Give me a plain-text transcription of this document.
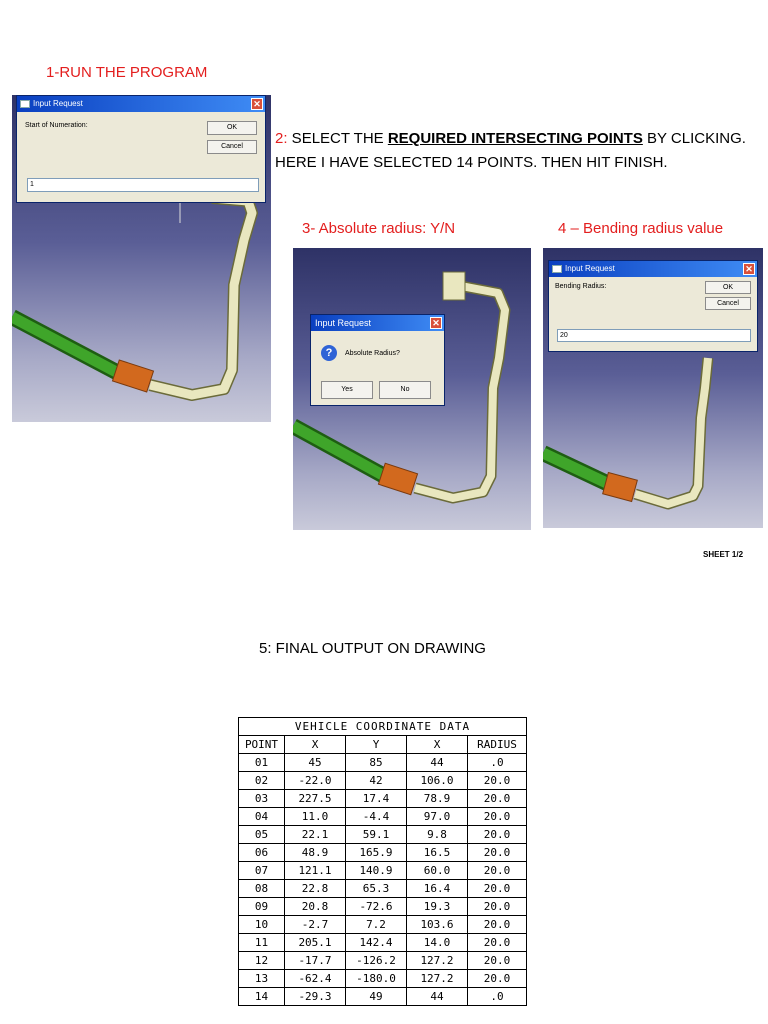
1-RUN THE PROGRAM
2: SELECT THE REQUIRED INTERSECTING POINTS BY CLICKING.
HERE I HAVE SELECTED 14 POINTS. THEN HIT FINISH.
3- Absolute radius: Y/N	4 – Bending radius value
Input Request	✕
Start of Numeration:	OK
Cancel
1
Input Request	✕
?	Absolute Radius?
Yes	No
Input Request	✕
Bending Radius:	OK
Cancel
20
SHEET 1/2
5: FINAL OUTPUT ON DRAWING
VEHICLE COORDINATE DATA				
POINT	X	Y	X	RADIUS
01	45	85	44	.0
02	-22.0	42	106.0	20.0
03	227.5	17.4	78.9	20.0
04	11.0	-4.4	97.0	20.0
05	22.1	59.1	9.8	20.0
06	48.9	165.9	16.5	20.0
07	121.1	140.9	60.0	20.0
08	22.8	65.3	16.4	20.0
09	20.8	-72.6	19.3	20.0
10	-2.7	7.2	103.6	20.0
11	205.1	142.4	14.0	20.0
12	-17.7	-126.2	127.2	20.0
13	-62.4	-180.0	127.2	20.0
14	-29.3	49	44	.0
